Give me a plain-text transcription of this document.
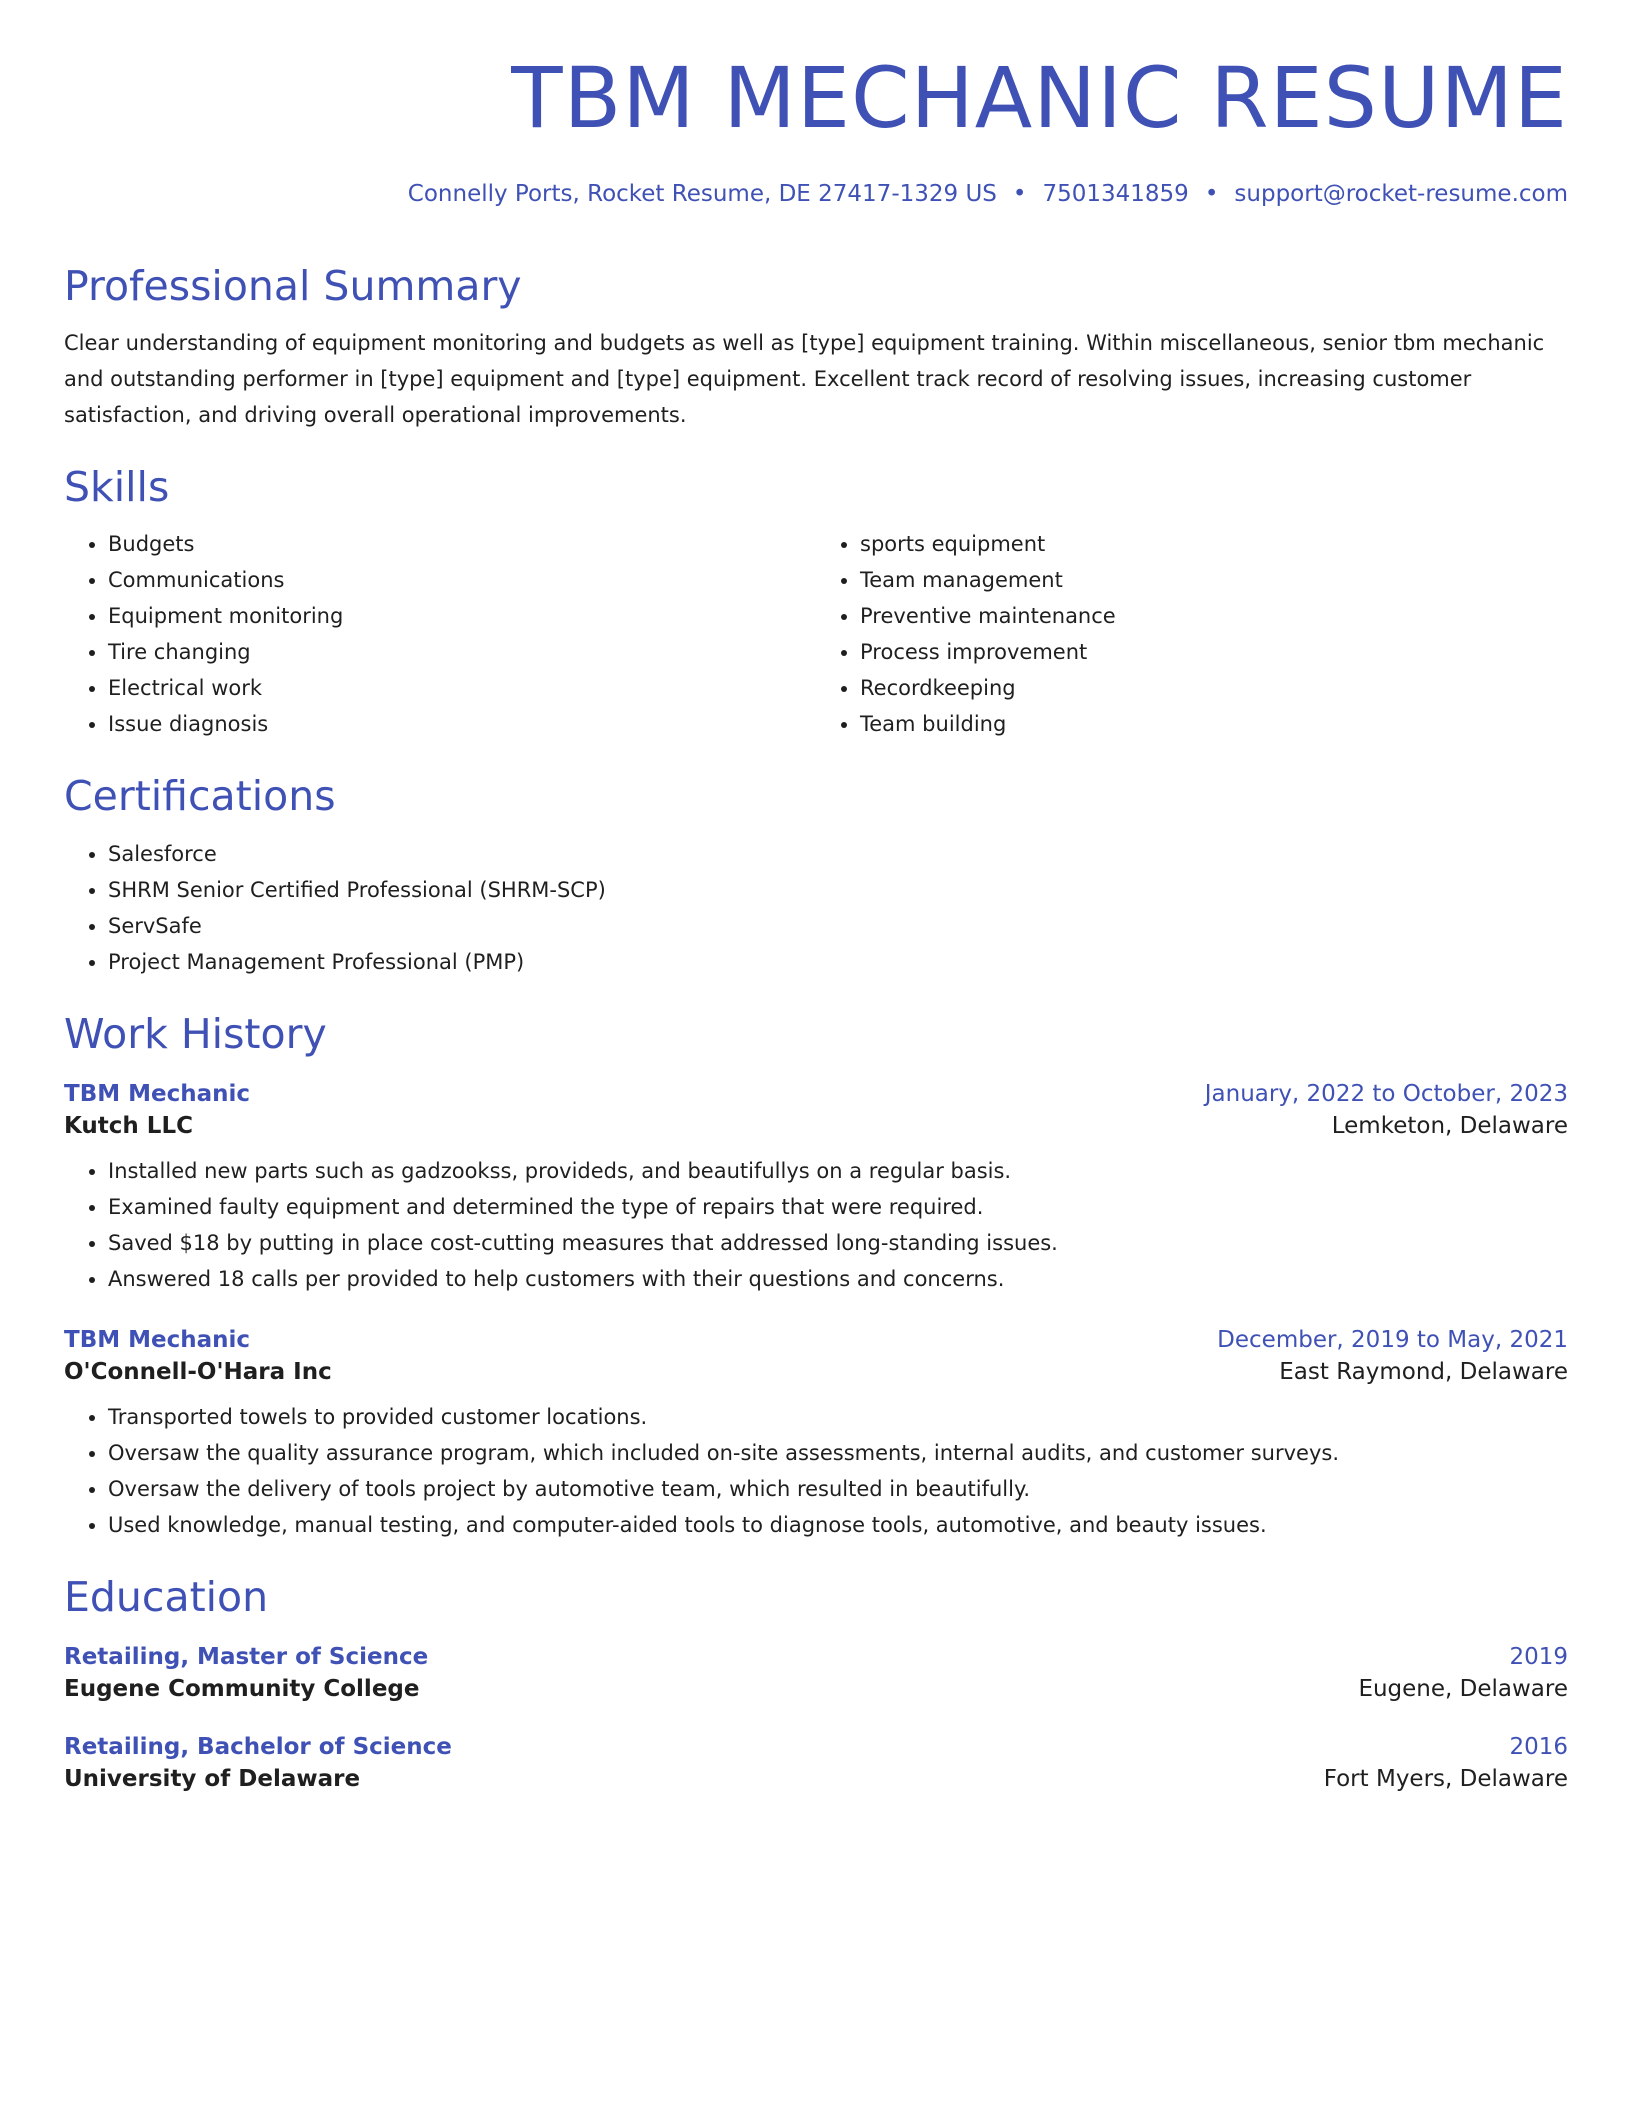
TBM MECHANIC RESUME
Connelly Ports, Rocket Resume, DE 27417-1329 US • 7501341859 • support@rocket-resume.com
Professional Summary

Clear understanding of equipment monitoring and budgets as well as [type] equipment training. Within miscellaneous, senior tbm mechanic and outstanding performer in [type] equipment and [type] equipment. Excellent track record of resolving issues, increasing customer satisfaction, and driving overall operational improvements.

Skills
• Budgets
• Communications
• Equipment monitoring
• Tire changing
• Electrical work
• Issue diagnosis
• sports equipment
• Team management
• Preventive maintenance
• Process improvement
• Recordkeeping
• Team building
Certifications
• Salesforce
• SHRM Senior Certified Professional (SHRM-SCP)
• ServSafe
• Project Management Professional (PMP)
Work History
TBM Mechanic	January, 2022 to October, 2023
Kutch LLC	Lemketon, Delaware
• Installed new parts such as gadzookss, provideds, and beautifullys on a regular basis.
• Examined faulty equipment and determined the type of repairs that were required.
• Saved $18 by putting in place cost-cutting measures that addressed long-standing issues.
• Answered 18 calls per provided to help customers with their questions and concerns.
TBM Mechanic	December, 2019 to May, 2021
O'Connell-O'Hara Inc	East Raymond, Delaware
• Transported towels to provided customer locations.
• Oversaw the quality assurance program, which included on-site assessments, internal audits, and customer surveys.
• Oversaw the delivery of tools project by automotive team, which resulted in beautifully.
• Used knowledge, manual testing, and computer-aided tools to diagnose tools, automotive, and beauty issues.
Education
Retailing, Master of Science	2019
Eugene Community College	Eugene, Delaware
Retailing, Bachelor of Science	2016
University of Delaware	Fort Myers, Delaware
